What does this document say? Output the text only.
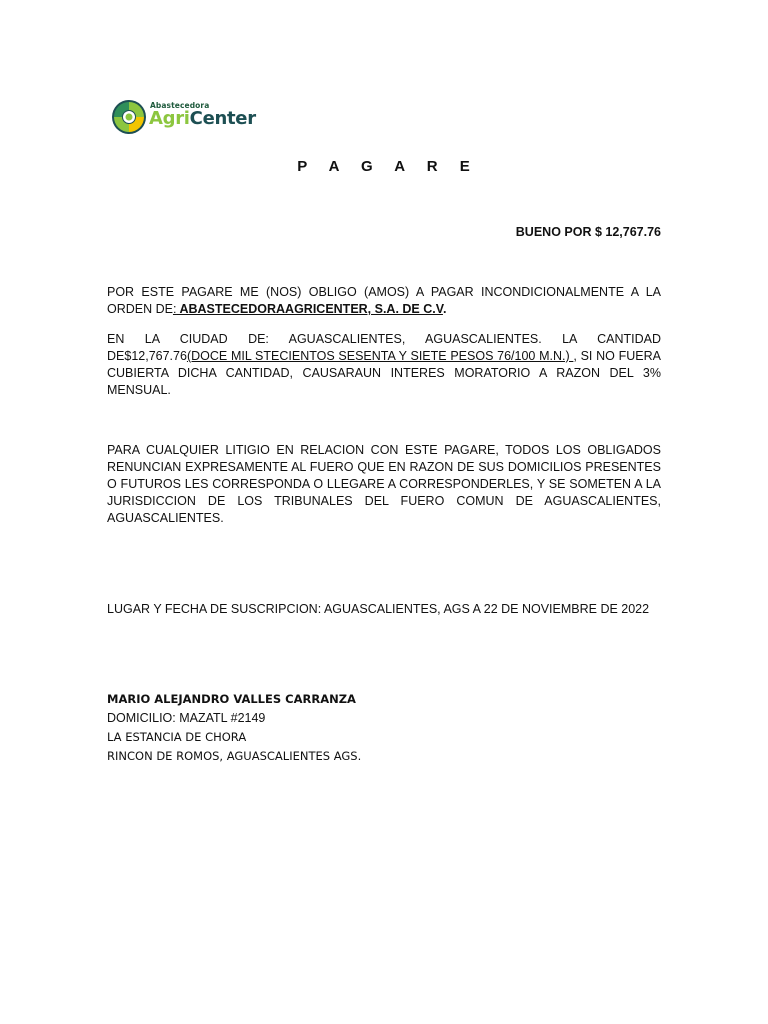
Abastecedora
AgriCenter
P A G A R E
BUENO POR $ 12,767.76

POR ESTE PAGARE ME (NOS) OBLIGO (AMOS) A PAGAR INCONDICIONALMENTE A LA ORDEN DE: ABASTECEDORAAGRICENTER, S.A. DE C.V.

EN LA CIUDAD DE: AGUASCALIENTES, AGUASCALIENTES. LA CANTIDAD DE$12,767.76(DOCE MIL STECIENTOS SESENTA Y SIETE PESOS 76/100 M.N.) , SI NO FUERA CUBIERTA DICHA CANTIDAD, CAUSARAUN INTERES MORATORIO A RAZON DEL 3% MENSUAL.

PARA CUALQUIER LITIGIO EN RELACION CON ESTE PAGARE, TODOS LOS OBLIGADOS RENUNCIAN EXPRESAMENTE AL FUERO QUE EN RAZON DE SUS DOMICILIOS PRESENTES O FUTUROS LES CORRESPONDA O LLEGARE A CORRESPONDERLES, Y SE SOMETEN A LA JURISDICCION DE LOS TRIBUNALES DEL FUERO COMUN DE AGUASCALIENTES, AGUASCALIENTES.

LUGAR Y FECHA DE SUSCRIPCION: AGUASCALIENTES, AGS A 22 DE NOVIEMBRE DE 2022

MARIO ALEJANDRO VALLES CARRANZA
DOMICILIO: MAZATL #2149
LA ESTANCIA DE CHORA
RINCON DE ROMOS, AGUASCALIENTES AGS.
